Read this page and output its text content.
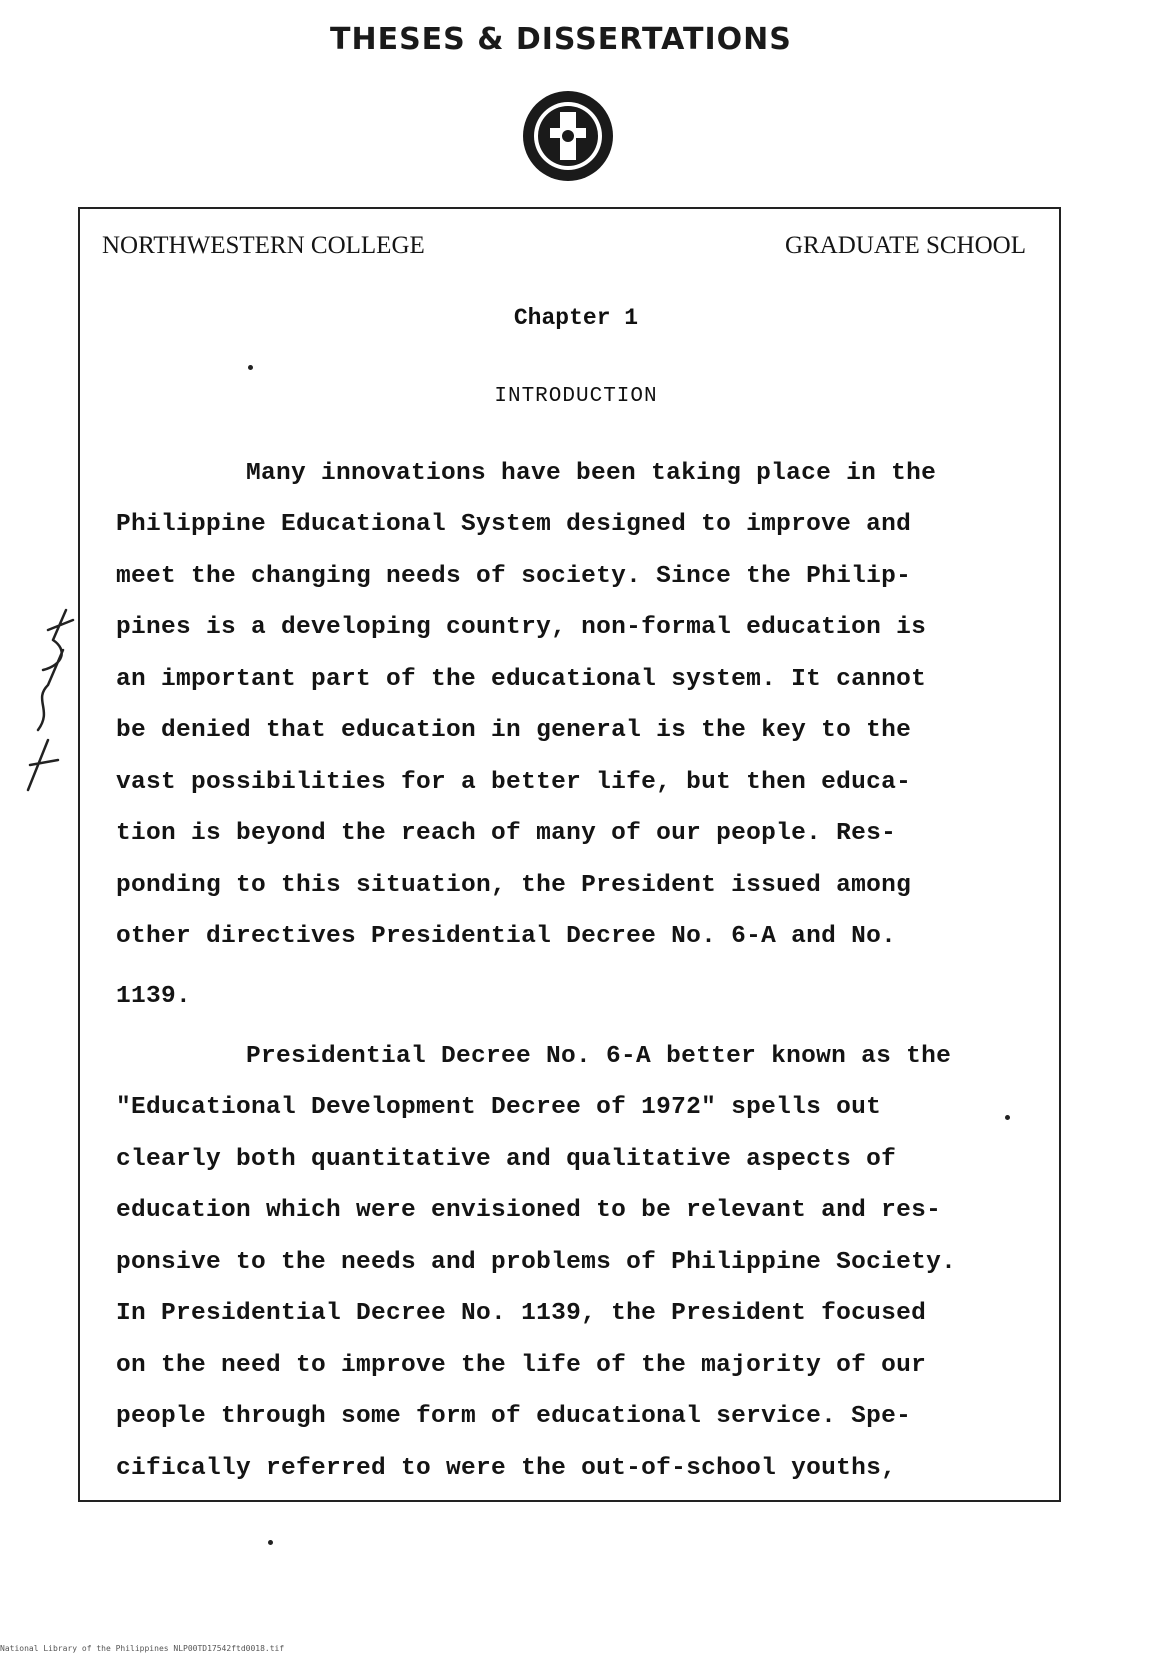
THESES & DISSERTATIONS
NORTHWESTERN COLLEGE	GRADUATE SCHOOL
Chapter 1
INTRODUCTION
Many innovations have been taking place in the
Philippine Educational System designed to improve and
meet the changing needs of society. Since the Philip-
pines is a developing country, non-formal education is
an important part of the educational system. It cannot
be denied that education in general is the key to the
vast possibilities for a better life, but then educa-
tion is beyond the reach of many of our people. Res-
ponding to this situation, the President issued among
other directives Presidential Decree No. 6-A and No.
1139.
Presidential Decree No. 6-A better known as the
"Educational Development Decree of 1972" spells out
clearly both quantitative and qualitative aspects of
education which were envisioned to be relevant and res-
ponsive to the needs and problems of Philippine Society.
In Presidential Decree No. 1139, the President focused
on the need to improve the life of the majority of our
people through some form of educational service. Spe-
cifically referred to were the out-of-school youths,
National Library of the Philippines NLP00TD17542ftd0018.tif
